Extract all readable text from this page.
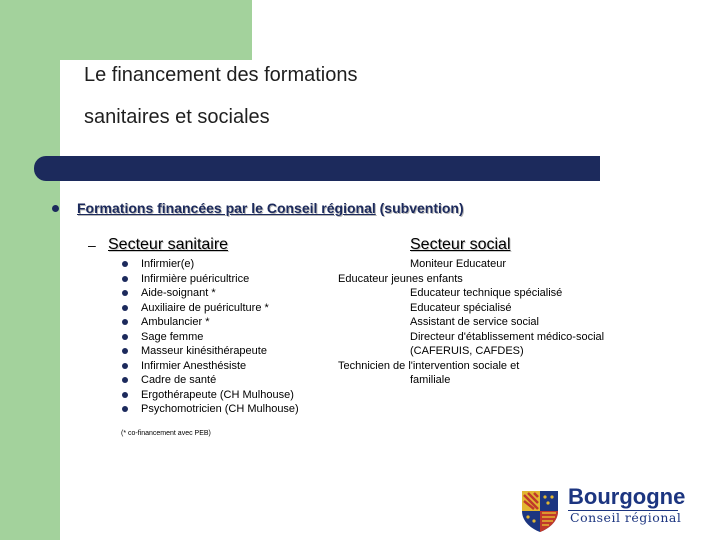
Le financement des formations
sanitaires et sociales
Formations financées par le Conseil régional (subvention)
– Secteur sanitaire	Secteur social
Infirmier(e)
Infirmière puéricultrice
Aide-soignant *
Auxiliaire de puériculture *
Ambulancier *
Sage femme
Masseur kinésithérapeute
Infirmier Anesthésiste
Cadre de santé
Ergothérapeute (CH Mulhouse)
Psychomotricien (CH Mulhouse)
(* co-financement avec PEB)
Moniteur Educateur
Educateur jeunes enfants
Educateur technique spécialisé
Educateur spécialisé
Assistant de service social
Directeur d'établissement médico-social
(CAFERUIS, CAFDES)
Technicien de l'intervention sociale et
familiale
Bourgogne
Conseil régional
